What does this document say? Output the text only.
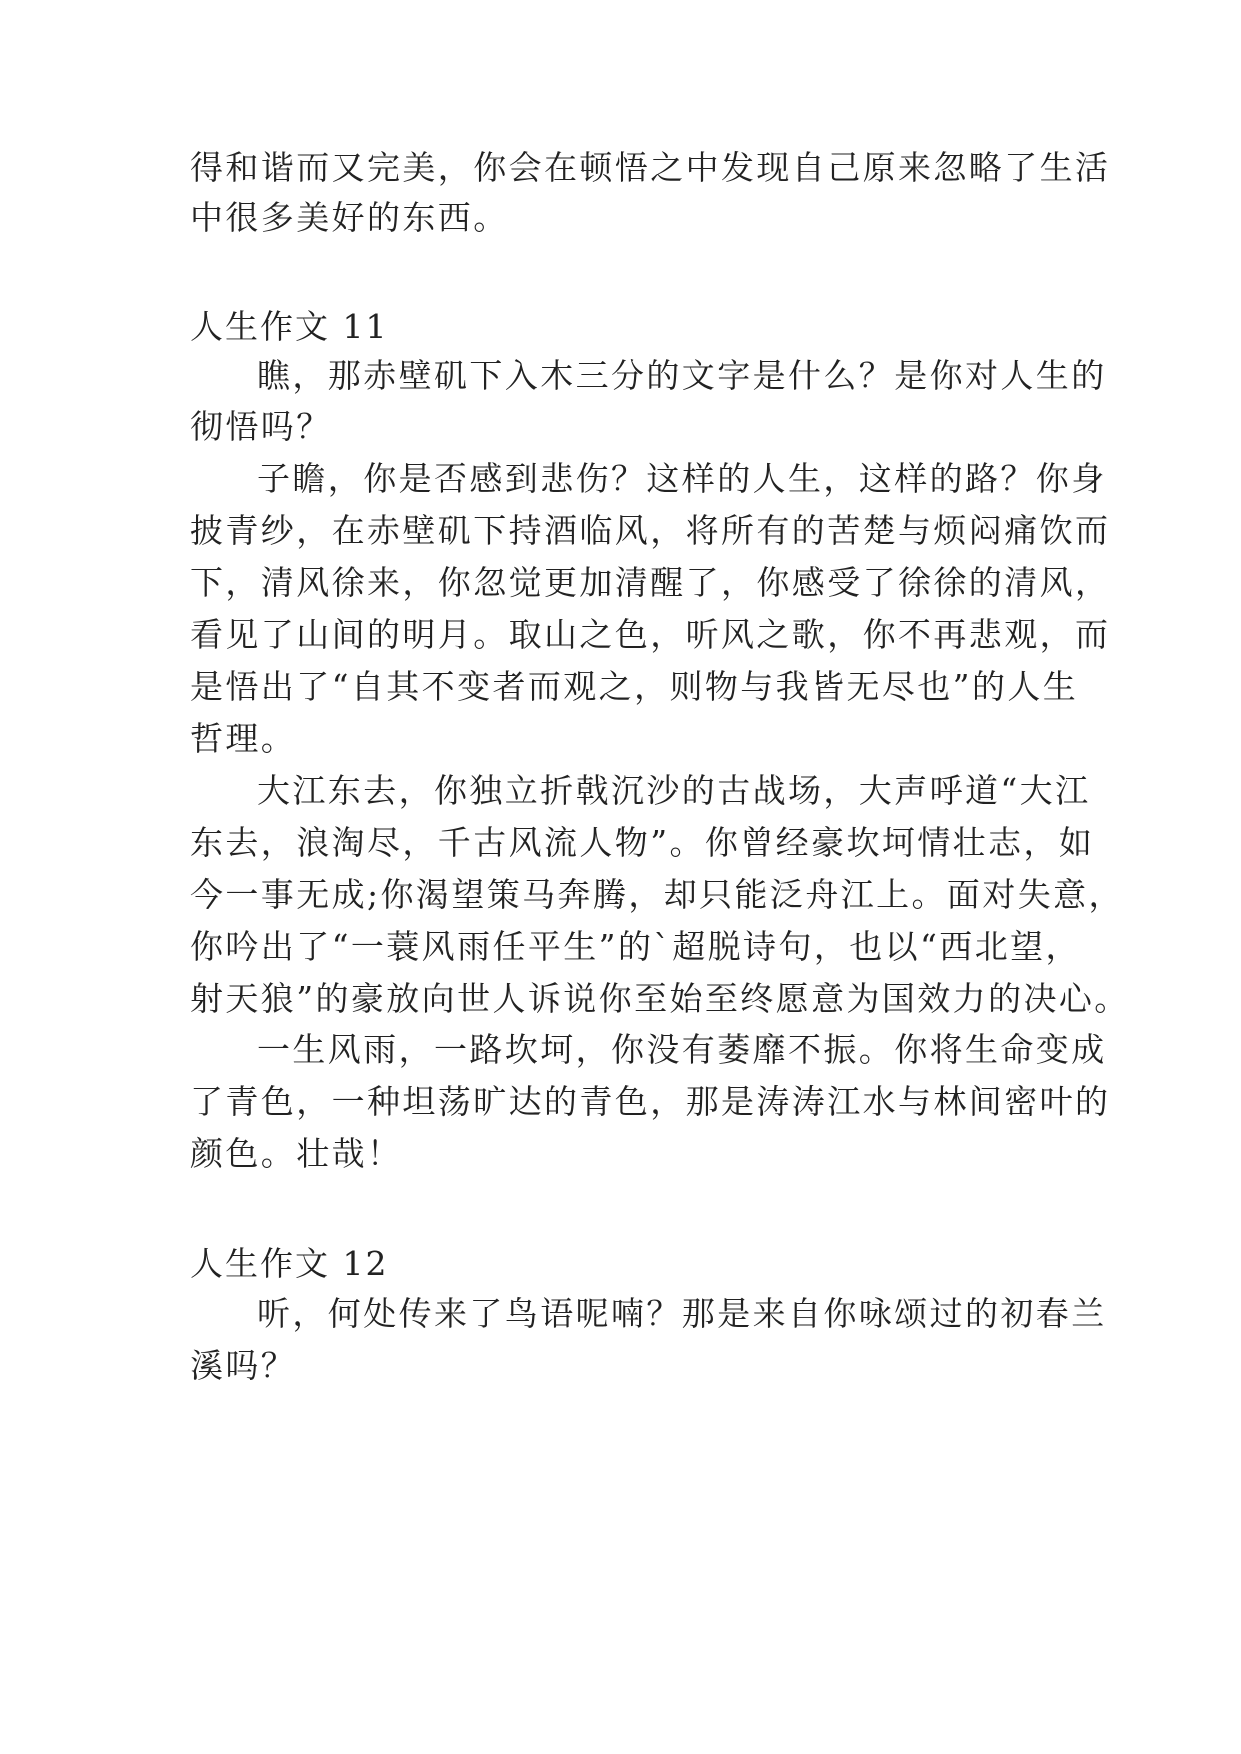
得和谐而又完美，你会在顿悟之中发现自己原来忽略了生活
中很多美好的东西。
人生作文 11
瞧，那赤壁矶下入木三分的文字是什么？是你对人生的
彻悟吗？
子瞻，你是否感到悲伤？这样的人生，这样的路？你身
披青纱，在赤壁矶下持酒临风，将所有的苦楚与烦闷痛饮而
下，清风徐来，你忽觉更加清醒了，你感受了徐徐的清风，
看见了山间的明月。取山之色，听风之歌，你不再悲观，而
是悟出了“自其不变者而观之，则物与我皆无尽也”的人生
哲理。
大江东去，你独立折戟沉沙的古战场，大声呼道“大江
东去，浪淘尽，千古风流人物”。你曾经豪坎坷情壮志，如
今一事无成;你渴望策马奔腾，却只能泛舟江上。面对失意，
你吟出了“一蓑风雨任平生”的`超脱诗句，也以“西北望，
射天狼”的豪放向世人诉说你至始至终愿意为国效力的决心。
一生风雨，一路坎坷，你没有萎靡不振。你将生命变成
了青色，一种坦荡旷达的青色，那是涛涛江水与林间密叶的
颜色。壮哉！
人生作文 12
听，何处传来了鸟语呢喃？那是来自你咏颂过的初春兰
溪吗？
